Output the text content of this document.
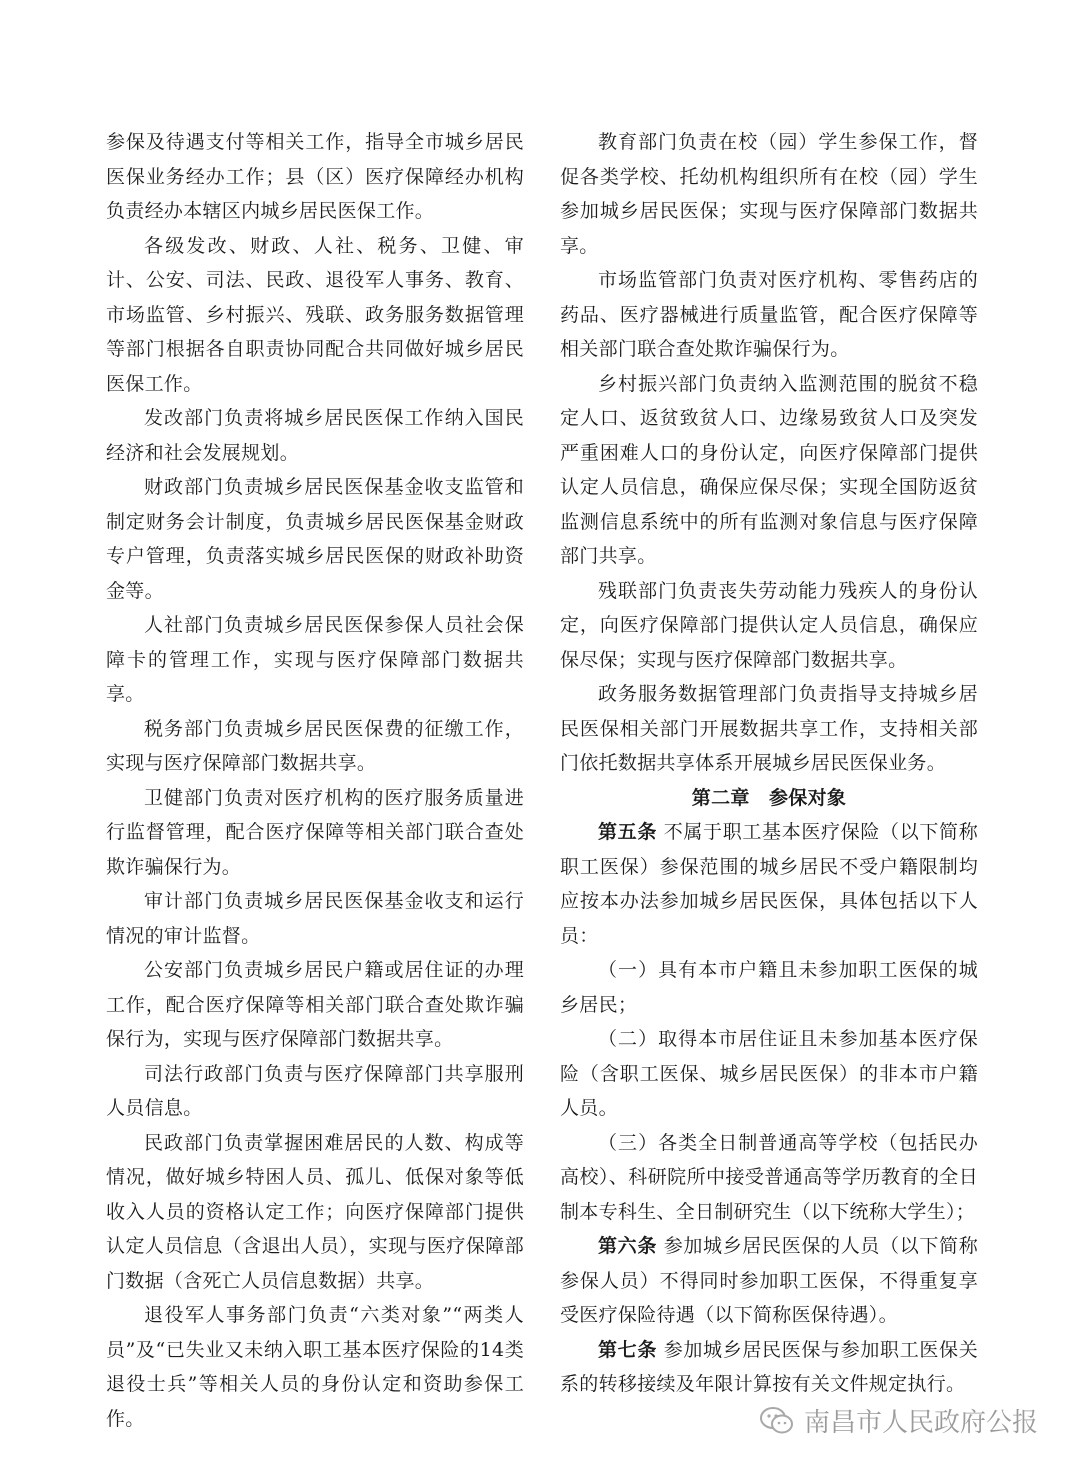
参保及待遇支付等相关工作，指导全市城乡居民医保业务经办工作；县（区）医疗保障经办机构负责经办本辖区内城乡居民医保工作。

各级发改、财政、人社、税务、卫健、审计、公安、司法、民政、退役军人事务、教育、市场监管、乡村振兴、残联、政务服务数据管理等部门根据各自职责协同配合共同做好城乡居民医保工作。

发改部门负责将城乡居民医保工作纳入国民经济和社会发展规划。

财政部门负责城乡居民医保基金收支监管和制定财务会计制度，负责城乡居民医保基金财政专户管理，负责落实城乡居民医保的财政补助资金等。

人社部门负责城乡居民医保参保人员社会保障卡的管理工作，实现与医疗保障部门数据共享。

税务部门负责城乡居民医保费的征缴工作，实现与医疗保障部门数据共享。

卫健部门负责对医疗机构的医疗服务质量进行监督管理，配合医疗保障等相关部门联合查处欺诈骗保行为。

审计部门负责城乡居民医保基金收支和运行情况的审计监督。

公安部门负责城乡居民户籍或居住证的办理工作，配合医疗保障等相关部门联合查处欺诈骗保行为，实现与医疗保障部门数据共享。

司法行政部门负责与医疗保障部门共享服刑人员信息。

民政部门负责掌握困难居民的人数、构成等情况，做好城乡特困人员、孤儿、低保对象等低收入人员的资格认定工作；向医疗保障部门提供认定人员信息（含退出人员），实现与医疗保障部门数据（含死亡人员信息数据）共享。

退役军人事务部门负责“六类对象”“两类人员”及“已失业又未纳入职工基本医疗保险的14类退役士兵”等相关人员的身份认定和资助参保工作。

教育部门负责在校（园）学生参保工作，督促各类学校、托幼机构组织所有在校（园）学生参加城乡居民医保；实现与医疗保障部门数据共享。

市场监管部门负责对医疗机构、零售药店的药品、医疗器械进行质量监管，配合医疗保障等相关部门联合查处欺诈骗保行为。

乡村振兴部门负责纳入监测范围的脱贫不稳定人口、返贫致贫人口、边缘易致贫人口及突发严重困难人口的身份认定，向医疗保障部门提供认定人员信息，确保应保尽保；实现全国防返贫监测信息系统中的所有监测对象信息与医疗保障部门共享。

残联部门负责丧失劳动能力残疾人的身份认定，向医疗保障部门提供认定人员信息，确保应保尽保；实现与医疗保障部门数据共享。

政务服务数据管理部门负责指导支持城乡居民医保相关部门开展数据共享工作，支持相关部门依托数据共享体系开展城乡居民医保业务。

第二章　参保对象

第五条 不属于职工基本医疗保险（以下简称职工医保）参保范围的城乡居民不受户籍限制均应按本办法参加城乡居民医保，具体包括以下人员：

（一）具有本市户籍且未参加职工医保的城乡居民；

（二）取得本市居住证且未参加基本医疗保险（含职工医保、城乡居民医保）的非本市户籍人员。

（三）各类全日制普通高等学校（包括民办高校）、科研院所中接受普通高等学历教育的全日制本专科生、全日制研究生（以下统称大学生）；

第六条 参加城乡居民医保的人员（以下简称参保人员）不得同时参加职工医保，不得重复享受医疗保险待遇（以下简称医保待遇）。

第七条 参加城乡居民医保与参加职工医保关系的转移接续及年限计算按有关文件规定执行。

南昌市人民政府公报
